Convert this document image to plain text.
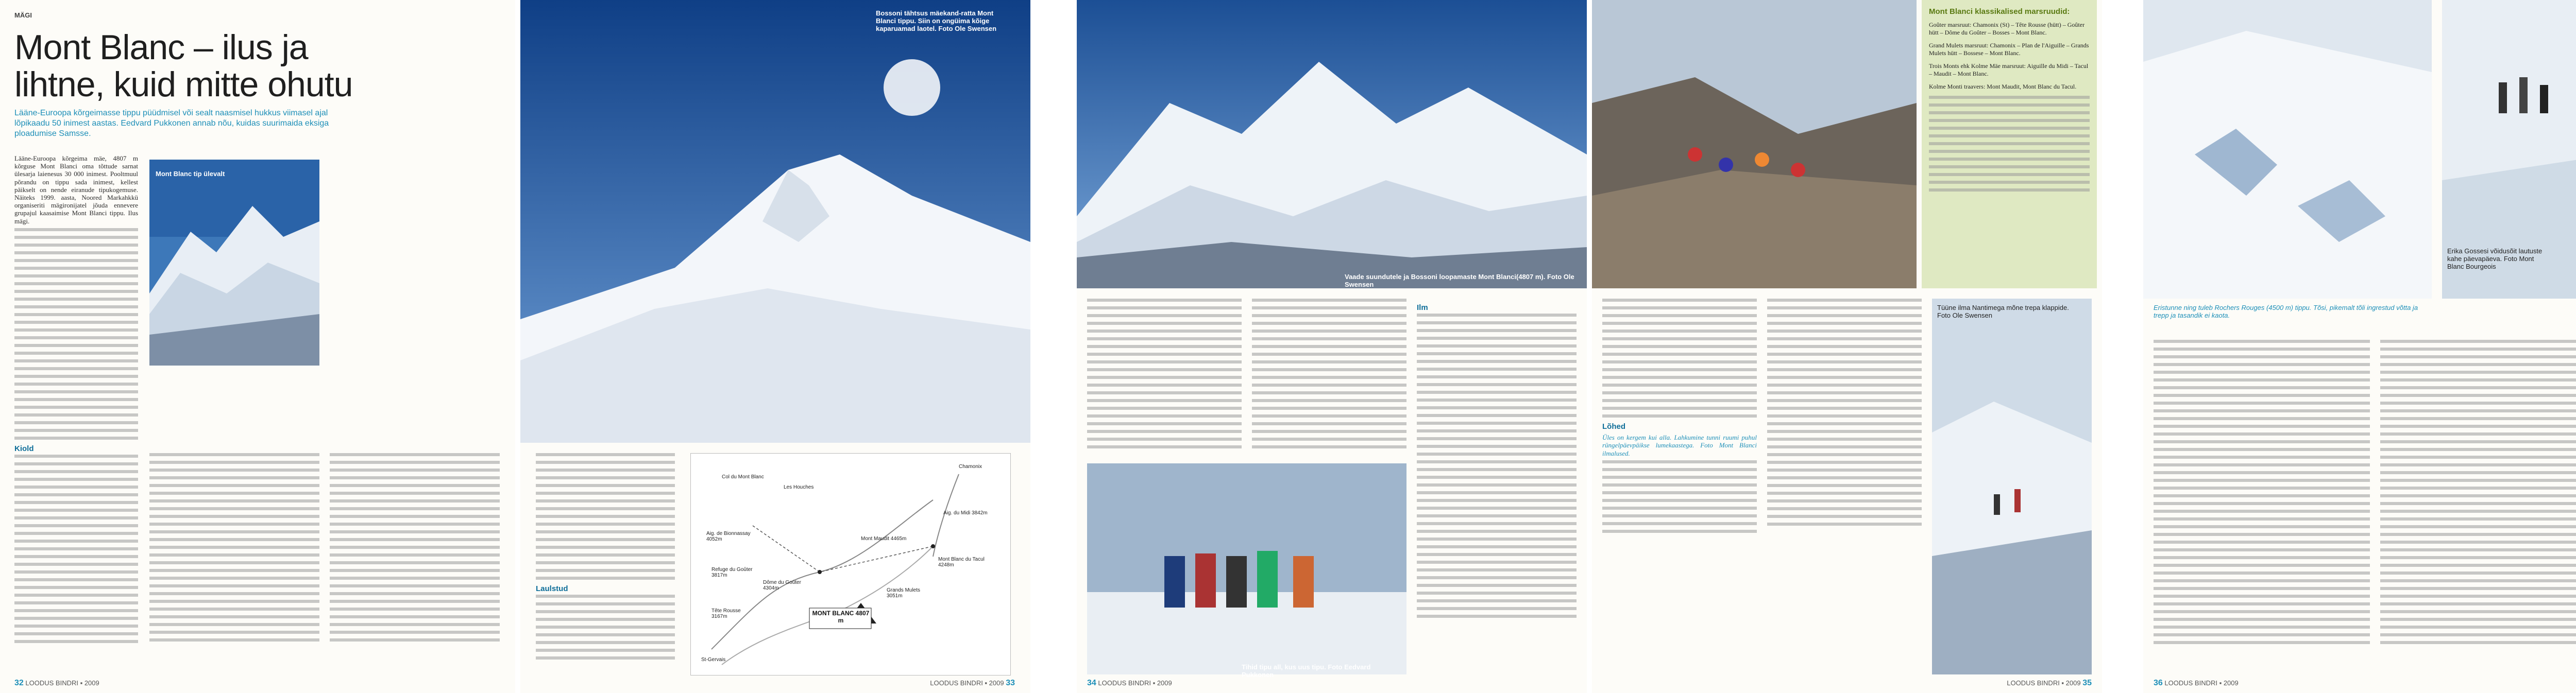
MÄGI
Mont Blanc – ilus ja lihtne, kuid mitte ohutu
Lääne-Euroopa kõrgeimasse tippu püüdmisel või sealt naasmisel hukkus viimasel ajal lõpikaadu 50 inimest aastas. Eedvard Pukkonen annab nõu, kuidas suurimaida eksiga ploadumise Samsse.

Lääne-Euroopa kõrgeima mäe, 4807 m kõrguse Mont Blanci oma tõttude sarnat ülesarja laienesus 30 000 inimest. Pooltmuul põrandu on tippu sada inimest, kellest päikselt on nende eiranude tipukogemuse. Näiteks 1999. aasta, Noored Markahkkü organiseriti mägironijatel jõuda ennevere grupajul kaasaimise Mont Blanci tippu. Ilus mägi.

Kiold
Mont Blanc tip ülevalt
32 LOODUS BINDRI ▪ 2009
Bossoni tähtsus mäekand-ratta Mont Blanci tippu. Siin on ongüima kõige kaparuamad laotel. Foto Ole Swensen
Laulstud
MONT BLANC 4807 m
Col du Mont Blanc
Aig. de Bionnassay 4052m
Dôme du Goûter 4304m
Refuge du Goûter 3817m
Tête Rousse 3167m
Grands Mulets 3051m
Aig. du Midi 3842m
Mont Blanc du Tacul 4248m
Mont Maudit 4465m
Chamonix
Les Houches
St-Gervais
LOODUS BINDRI ▪ 2009 33
Vaade suundutele ja Bossoni loopamaste Mont Blanci(4807 m). Foto Ole Swensen
Tihid tipu all, kus uus tipu. Foto Eedvard Pukkonen
Ilm
34 LOODUS BINDRI ▪ 2009
Mont Blanci klassikalised marsruudid:
Goûter marsruut: Chamonix (St) – Tête Rousse (hütt) – Goûter hütt – Dôme du Goûter – Bosses – Mont Blanc.
Grand Mulets marsruut: Chamonix – Plan de l'Aiguille – Grands Mulets hütt – Bossese – Mont Blanc.
Trois Monts ehk Kolme Mäe marsruut: Aiguille du Midi – Tacul – Maudit – Mont Blanc.
Kolme Monti traavers: Mont Maudit, Mont Blanc du Tacul.
Lõhed
Üles on kergem kui alla. Lahkumine tunni ruumi puhul rüngelpäevpäikse lumekaastega. Foto Mont Blanci ilmalused.
Tüüne ilma Nantimega mõne trepa klappide. Foto Ole Swensen
LOODUS BINDRI ▪ 2009 35
Eristunne ning tuleb Rochers Rouges (4500 m) tippu. Tõsi, pikemalt tõli ingrestud võtta ja trepp ja tasandik ei kaota.
Erika Gossesi võidusõit lautuste kahe päevapäeva. Foto Mont Blanc Bourgeois
36 LOODUS BINDRI ▪ 2009
